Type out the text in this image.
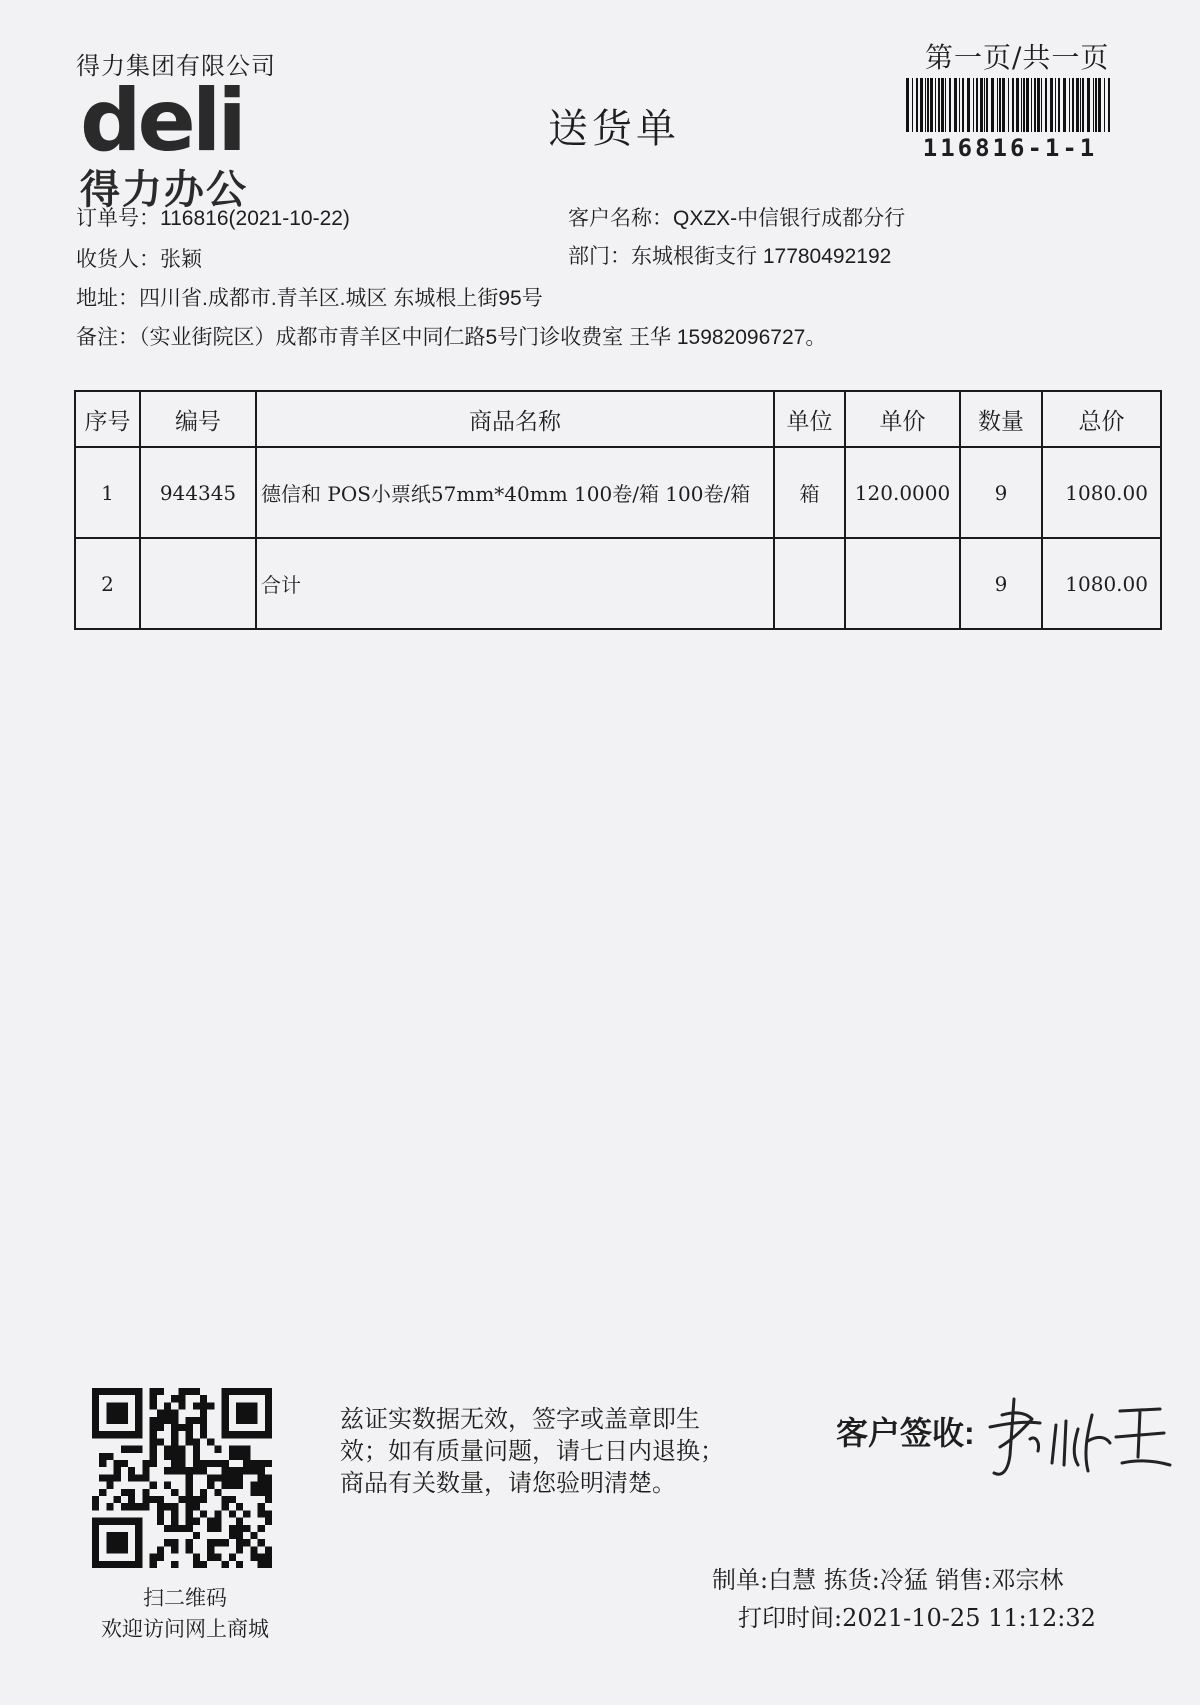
得力集团有限公司
deli
得力办公
送货单
第一页/共一页
116816-1-1
订单号：116816(2021-10-22)	客户名称：QXZX-中信银行成都分行
收货人：张颖	部门：东城根街支行 17780492192
地址：四川省.成都市.青羊区.城区 东城根上街95号
备注：（实业街院区）成都市青羊区中同仁路5号门诊收费室 王华 15982096727。
序号	编号	商品名称	单位	单价	数量	总价
1	944345	德信和 POS小票纸57mm*40mm 100卷/箱 100卷/箱	箱	120.0000	9	1080.00
2		合计			9	1080.00
扫二维码
欢迎访问网上商城
兹证实数据无效，签字或盖章即生
效；如有质量问题，请七日内退换；
商品有关数量，请您验明清楚。
客户签收:
制单:白慧 拣货:冷猛 销售:邓宗林
打印时间:2021-10-25 11:12:32
